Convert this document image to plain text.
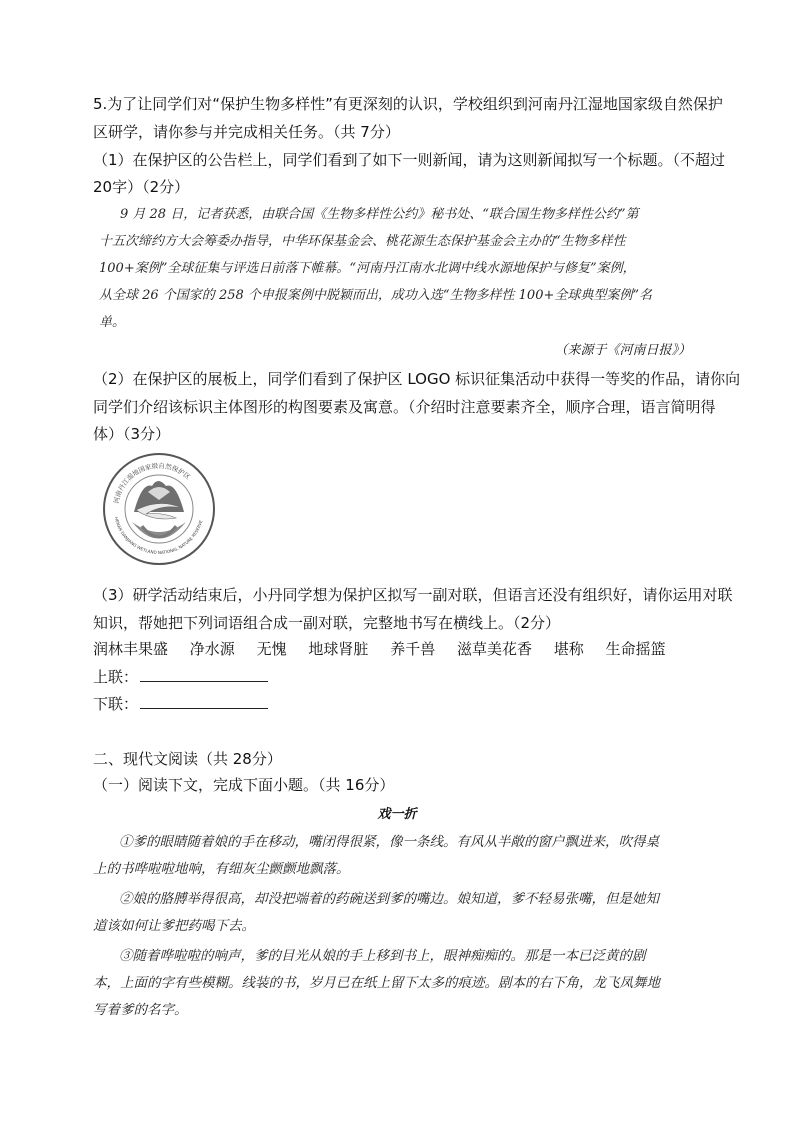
5.为了让同学们对“保护生物多样性”有更深刻的认识，学校组织到河南丹江湿地国家级自然保护
区研学，请你参与并完成相关任务。（共 7分）
（1）在保护区的公告栏上，同学们看到了如下一则新闻，请为这则新闻拟写一个标题。（不超过
20字）（2分）
9 月 28 日，记者获悉，由联合国《生物多样性公约》秘书处、“联合国生物多样性公约”第
十五次缔约方大会筹委办指导，中华环保基金会、桃花源生态保护基金会主办的“生物多样性
100+案例”全球征集与评选日前落下帷幕。“河南丹江南水北调中线水源地保护与修复”案例，
从全球 26 个国家的 258 个申报案例中脱颖而出，成功入选“生物多样性 100+全球典型案例”名
单。
（来源于《河南日报》）
（2）在保护区的展板上，同学们看到了保护区 LOGO 标识征集活动中获得一等奖的作品，请你向
同学们介绍该标识主体图形的构图要素及寓意。（介绍时注意要素齐全，顺序合理，语言简明得
体）（3分）
河南丹江湿地国家级自然保护区
HENAN DANJIANG WETLAND NATIONAL NATURE RESERVE
（3）研学活动结束后，小丹同学想为保护区拟写一副对联，但语言还没有组织好，请你运用对联
知识，帮她把下列词语组合成一副对联，完整地书写在横线上。（2分）
润林丰果盛 净水源 无愧 地球肾脏 养千兽 滋草美花香 堪称 生命摇篮
上联：
下联：
二、现代文阅读（共 28分）
（一）阅读下文，完成下面小题。（共 16分）
戏一折
①爹的眼睛随着娘的手在移动，嘴闭得很紧，像一条线。有风从半敞的窗户飘进来，吹得桌
上的书哗啦啦地响，有细灰尘颤颤地飘落。
②娘的胳膊举得很高，却没把端着的药碗送到爹的嘴边。娘知道，爹不轻易张嘴，但是她知
道该如何让爹把药喝下去。
③随着哗啦啦的响声，爹的目光从娘的手上移到书上，眼神痴痴的。那是一本已泛黄的剧
本，上面的字有些模糊。线装的书，岁月已在纸上留下太多的痕迹。剧本的右下角，龙飞凤舞地
写着爹的名字。
